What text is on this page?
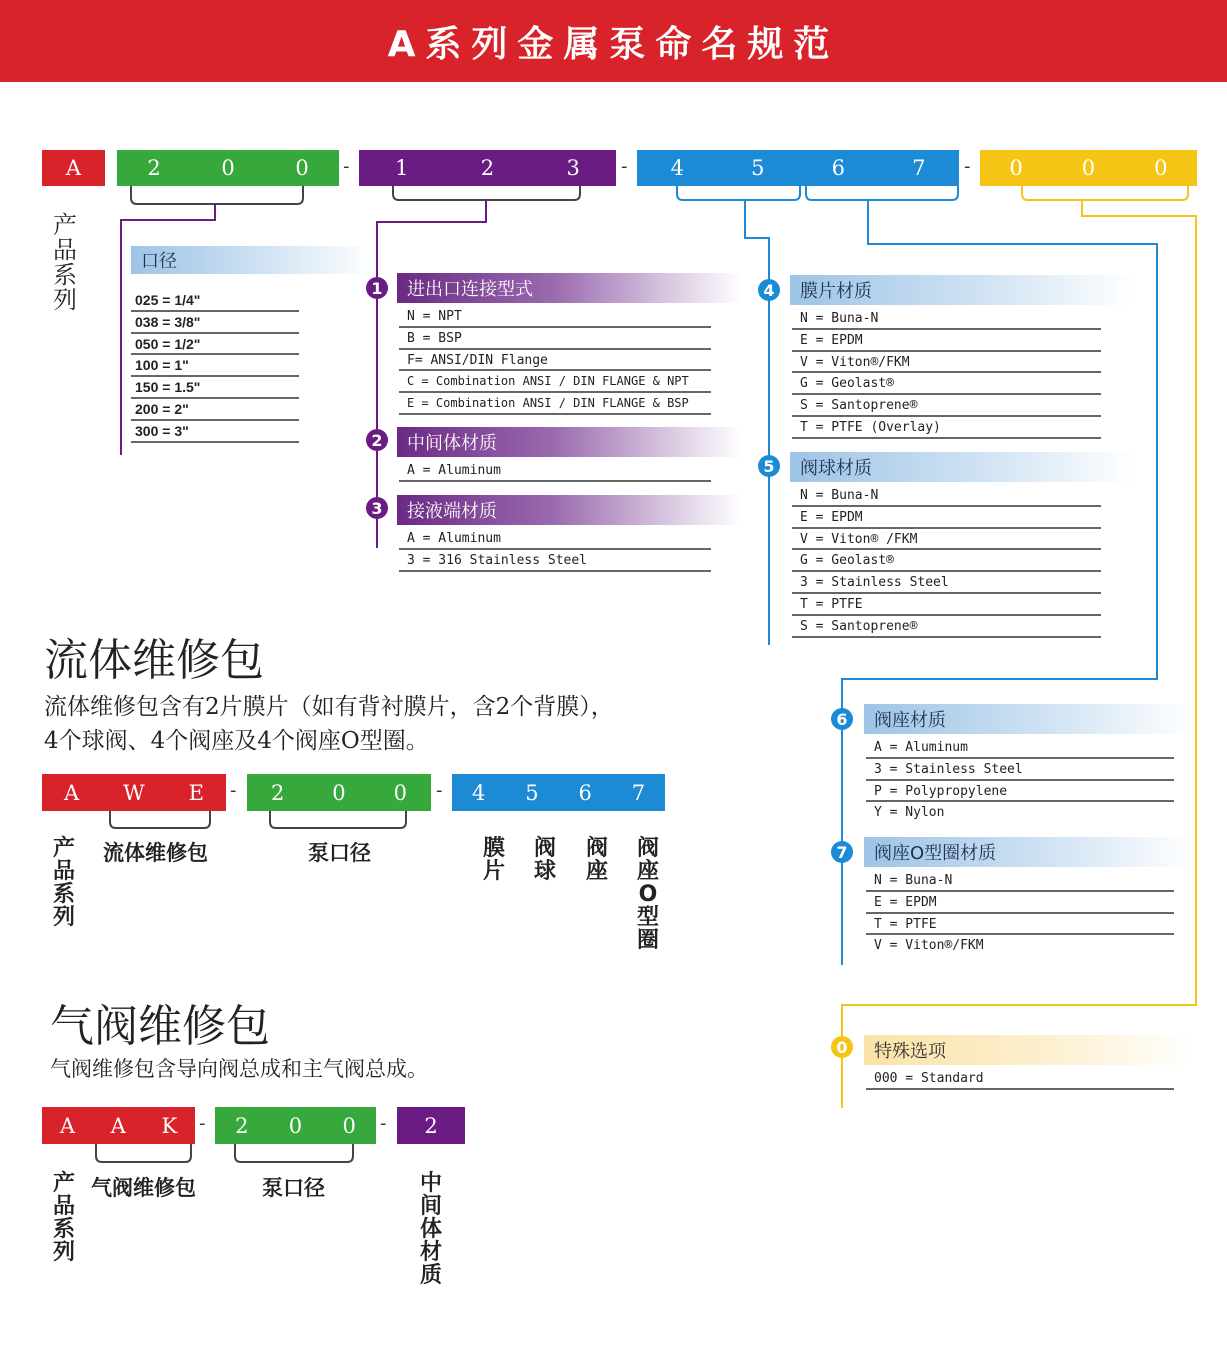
A系列金属泵命名规范
A	2	0	0 - 1	2	3 - 4	5	6	7 - 0	0	0
产品系列
口径
025 = 1/4"
038 = 3/8"
050 = 1/2"
100 = 1"
150 = 1.5"
200 = 2"
300 = 3"
1	进出口连接型式
N = NPT
B = BSP
F= ANSI/DIN Flange
C = Combination ANSI / DIN FLANGE & NPT
E = Combination ANSI / DIN FLANGE & BSP
2	中间体材质
A = Aluminum
3	接液端材质
A = Aluminum
3 = 316 Stainless Steel
4	膜片材质
N = Buna-N
E = EPDM
V = Viton®/FKM
G = Geolast®
S = Santoprene®
T = PTFE (Overlay)
5	阀球材质
N = Buna-N
E = EPDM
V = Viton® /FKM
G = Geolast®
3 = Stainless Steel
T = PTFE
S = Santoprene®
6	阀座材质
A = Aluminum
3 = Stainless Steel
P = Polypropylene
Y = Nylon
7	阀座O型圈材质
N = Buna-N
E = EPDM
T = PTFE
V = Viton®/FKM
0	特殊选项
000 = Standard
流体维修包
流体维修包含有2片膜片（如有背衬膜片，含2个背膜），
4个球阀、4个阀座及4个阀座O型圈。
A W E - 2 0 0 - 4 5 6 7
产品系列
流体维修包	泵口径	膜片
阀球
阀座
阀座O型圈
气阀维修包
气阀维修包含导向阀总成和主气阀总成。
A A K - 2 0 0 - 2
产品系列
气阀维修包	泵口径	中间体材质
